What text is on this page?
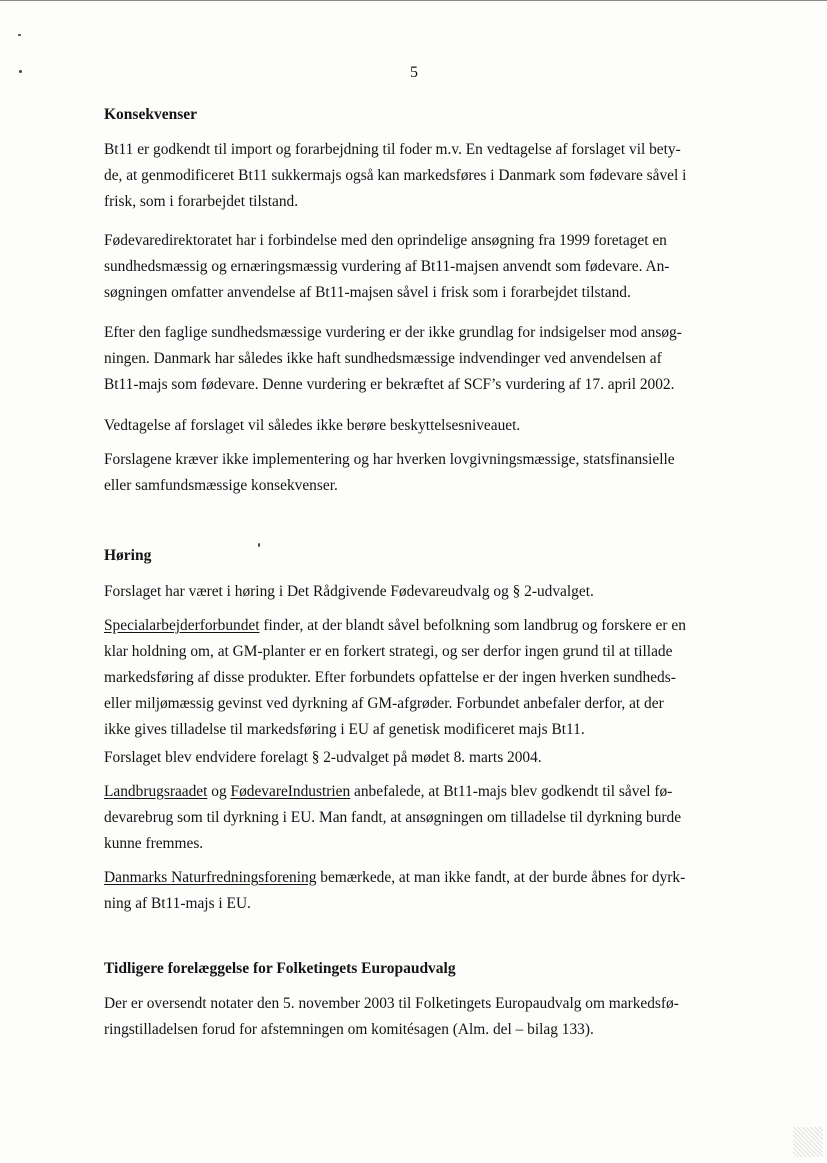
5
Konsekvenser

Bt11 er godkendt til import og forarbejdning til foder m.v. En vedtagelse af forslaget vil bety-
de, at genmodificeret Bt11 sukkermajs også kan markedsføres i Danmark som fødevare såvel i
frisk, som i forarbejdet tilstand.

Fødevaredirektoratet har i forbindelse med den oprindelige ansøgning fra 1999 foretaget en
sundhedsmæssig og ernæringsmæssig vurdering af Bt11-majsen anvendt som fødevare. An-
søgningen omfatter anvendelse af Bt11-majsen såvel i frisk som i forarbejdet tilstand.

Efter den faglige sundhedsmæssige vurdering er der ikke grundlag for indsigelser mod ansøg-
ningen. Danmark har således ikke haft sundhedsmæssige indvendinger ved anvendelsen af
Bt11-majs som fødevare. Denne vurdering er bekræftet af SCF’s vurdering af 17. april 2002.

Vedtagelse af forslaget vil således ikke berøre beskyttelsesniveauet.

Forslagene kræver ikke implementering og har hverken lovgivningsmæssige, statsfinansielle
eller samfundsmæssige konsekvenser.

Høring

Forslaget har været i høring i Det Rådgivende Fødevareudvalg og § 2-udvalget.

Specialarbejderforbundet finder, at der blandt såvel befolkning som landbrug og forskere er en
klar holdning om, at GM-planter er en forkert strategi, og ser derfor ingen grund til at tillade
markedsføring af disse produkter. Efter forbundets opfattelse er der ingen hverken sundheds-
eller miljømæssig gevinst ved dyrkning af GM-afgrøder. Forbundet anbefaler derfor, at der
ikke gives tilladelse til markedsføring i EU af genetisk modificeret majs Bt11.

Forslaget blev endvidere forelagt § 2-udvalget på mødet 8. marts 2004.

Landbrugsraadet og FødevareIndustrien anbefalede, at Bt11-majs blev godkendt til såvel fø-
devarebrug som til dyrkning i EU. Man fandt, at ansøgningen om tilladelse til dyrkning burde
kunne fremmes.

Danmarks Naturfredningsforening bemærkede, at man ikke fandt, at der burde åbnes for dyrk-
ning af Bt11-majs i EU.

Tidligere forelæggelse for Folketingets Europaudvalg

Der er oversendt notater den 5. november 2003 til Folketingets Europaudvalg om markedsfø-
ringstilladelsen forud for afstemningen om komitésagen (Alm. del – bilag 133).
